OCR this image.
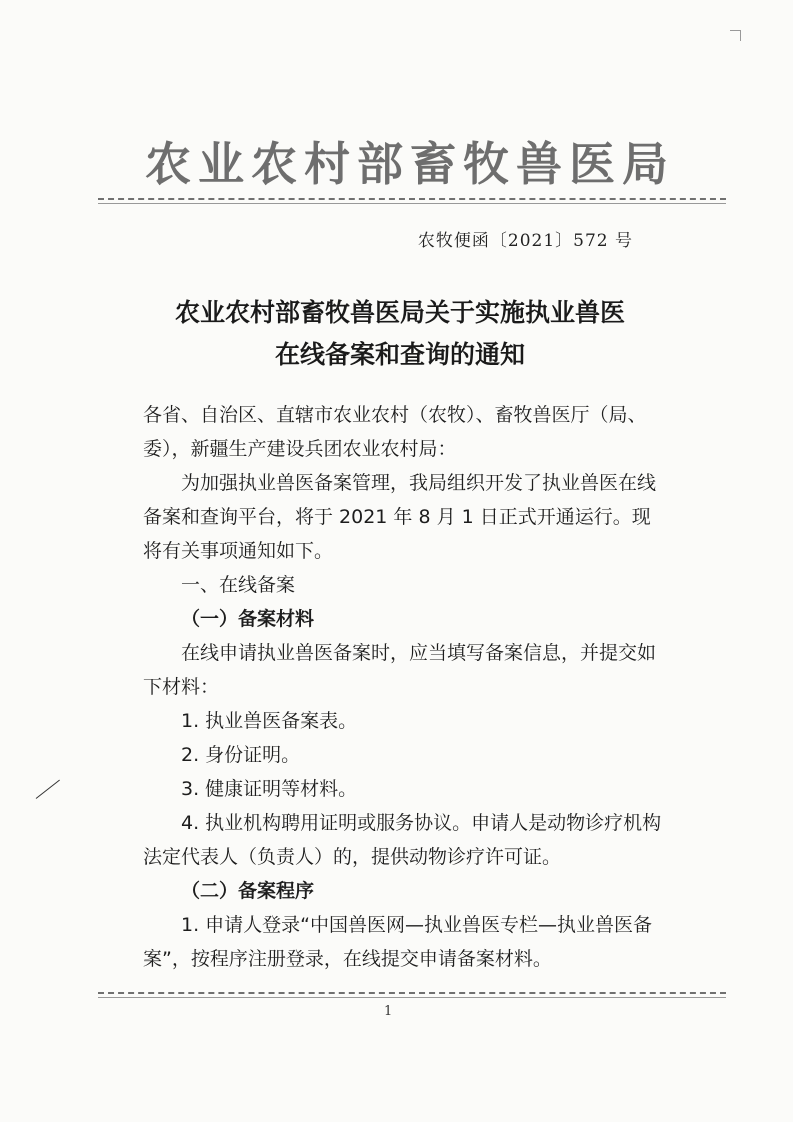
农业农村部畜牧兽医局
农牧便函〔2021〕572 号
农业农村部畜牧兽医局关于实施执业兽医
在线备案和查询的通知

各省、自治区、直辖市农业农村（农牧）、畜牧兽医厅（局、委），新疆生产建设兵团农业农村局：

为加强执业兽医备案管理，我局组织开发了执业兽医在线备案和查询平台，将于 2021 年 8 月 1 日正式开通运行。现将有关事项通知如下。

一、在线备案

（一）备案材料

在线申请执业兽医备案时，应当填写备案信息，并提交如下材料：

1. 执业兽医备案表。

2. 身份证明。

3. 健康证明等材料。

4. 执业机构聘用证明或服务协议。申请人是动物诊疗机构法定代表人（负责人）的，提供动物诊疗许可证。

（二）备案程序

1. 申请人登录“中国兽医网—执业兽医专栏—执业兽医备案”，按程序注册登录，在线提交申请备案材料。

1
